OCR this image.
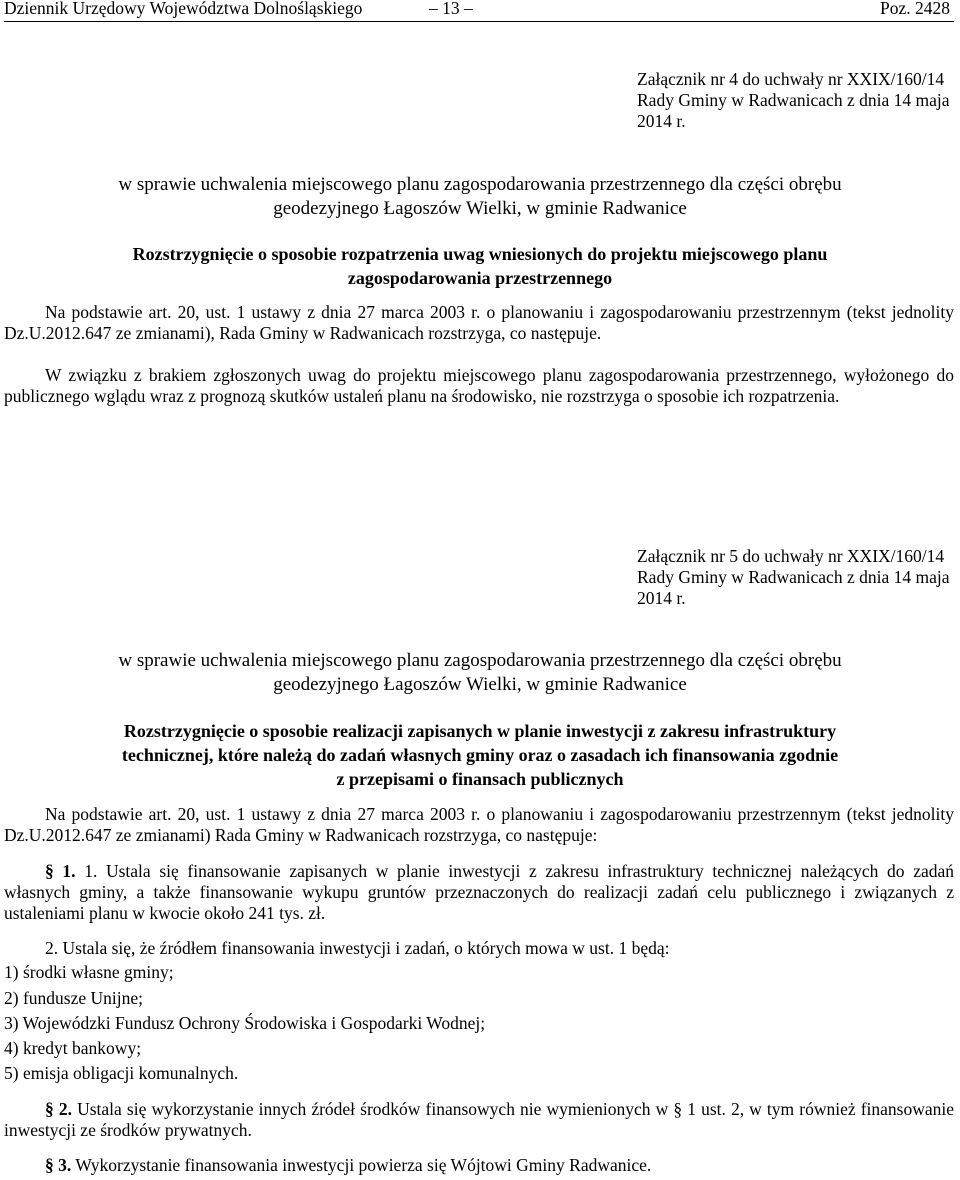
Dziennik Urzędowy Województwa Dolnośląskiego	– 13 –	Poz. 2428
Załącznik nr 4 do uchwały nr XXIX/160/14
Rady Gminy w Radwanicach z dnia 14 maja
2014 r.
w sprawie uchwalenia miejscowego planu zagospodarowania przestrzennego dla części obrębu
geodezyjnego Łagoszów Wielki, w gminie Radwanice
Rozstrzygnięcie o sposobie rozpatrzenia uwag wniesionych do projektu miejscowego planu
zagospodarowania przestrzennego
Na podstawie art. 20, ust. 1 ustawy z dnia 27 marca 2003 r. o planowaniu i zagospodarowaniu przestrzennym (tekst jednolity Dz.U.2012.647 ze zmianami), Rada Gminy w Radwanicach rozstrzyga, co następuje.
W związku z brakiem zgłoszonych uwag do projektu miejscowego planu zagospodarowania przestrzennego, wyłożonego do publicznego wglądu wraz z prognozą skutków ustaleń planu na środowisko, nie rozstrzyga o sposobie ich rozpatrzenia.
Załącznik nr 5 do uchwały nr XXIX/160/14
Rady Gminy w Radwanicach z dnia 14 maja
2014 r.
w sprawie uchwalenia miejscowego planu zagospodarowania przestrzennego dla części obrębu
geodezyjnego Łagoszów Wielki, w gminie Radwanice
Rozstrzygnięcie o sposobie realizacji zapisanych w planie inwestycji z zakresu infrastruktury
technicznej, które należą do zadań własnych gminy oraz o zasadach ich finansowania zgodnie
z przepisami o finansach publicznych
Na podstawie art. 20, ust. 1 ustawy z dnia 27 marca 2003 r. o planowaniu i zagospodarowaniu przestrzennym (tekst jednolity Dz.U.2012.647 ze zmianami) Rada Gminy w Radwanicach rozstrzyga, co następuje:
§ 1. 1. Ustala się finansowanie zapisanych w planie inwestycji z zakresu infrastruktury technicznej należących do zadań własnych gminy, a także finansowanie wykupu gruntów przeznaczonych do realizacji zadań celu publicznego i związanych z ustaleniami planu w kwocie około 241 tys. zł.
2. Ustala się, że źródłem finansowania inwestycji i zadań, o których mowa w ust. 1 będą:
1) środki własne gminy;
2) fundusze Unijne;
3) Wojewódzki Fundusz Ochrony Środowiska i Gospodarki Wodnej;
4) kredyt bankowy;
5) emisja obligacji komunalnych.
§ 2. Ustala się wykorzystanie innych źródeł środków finansowych nie wymienionych w § 1 ust. 2, w tym również finansowanie inwestycji ze środków prywatnych.
§ 3. Wykorzystanie finansowania inwestycji powierza się Wójtowi Gminy Radwanice.
